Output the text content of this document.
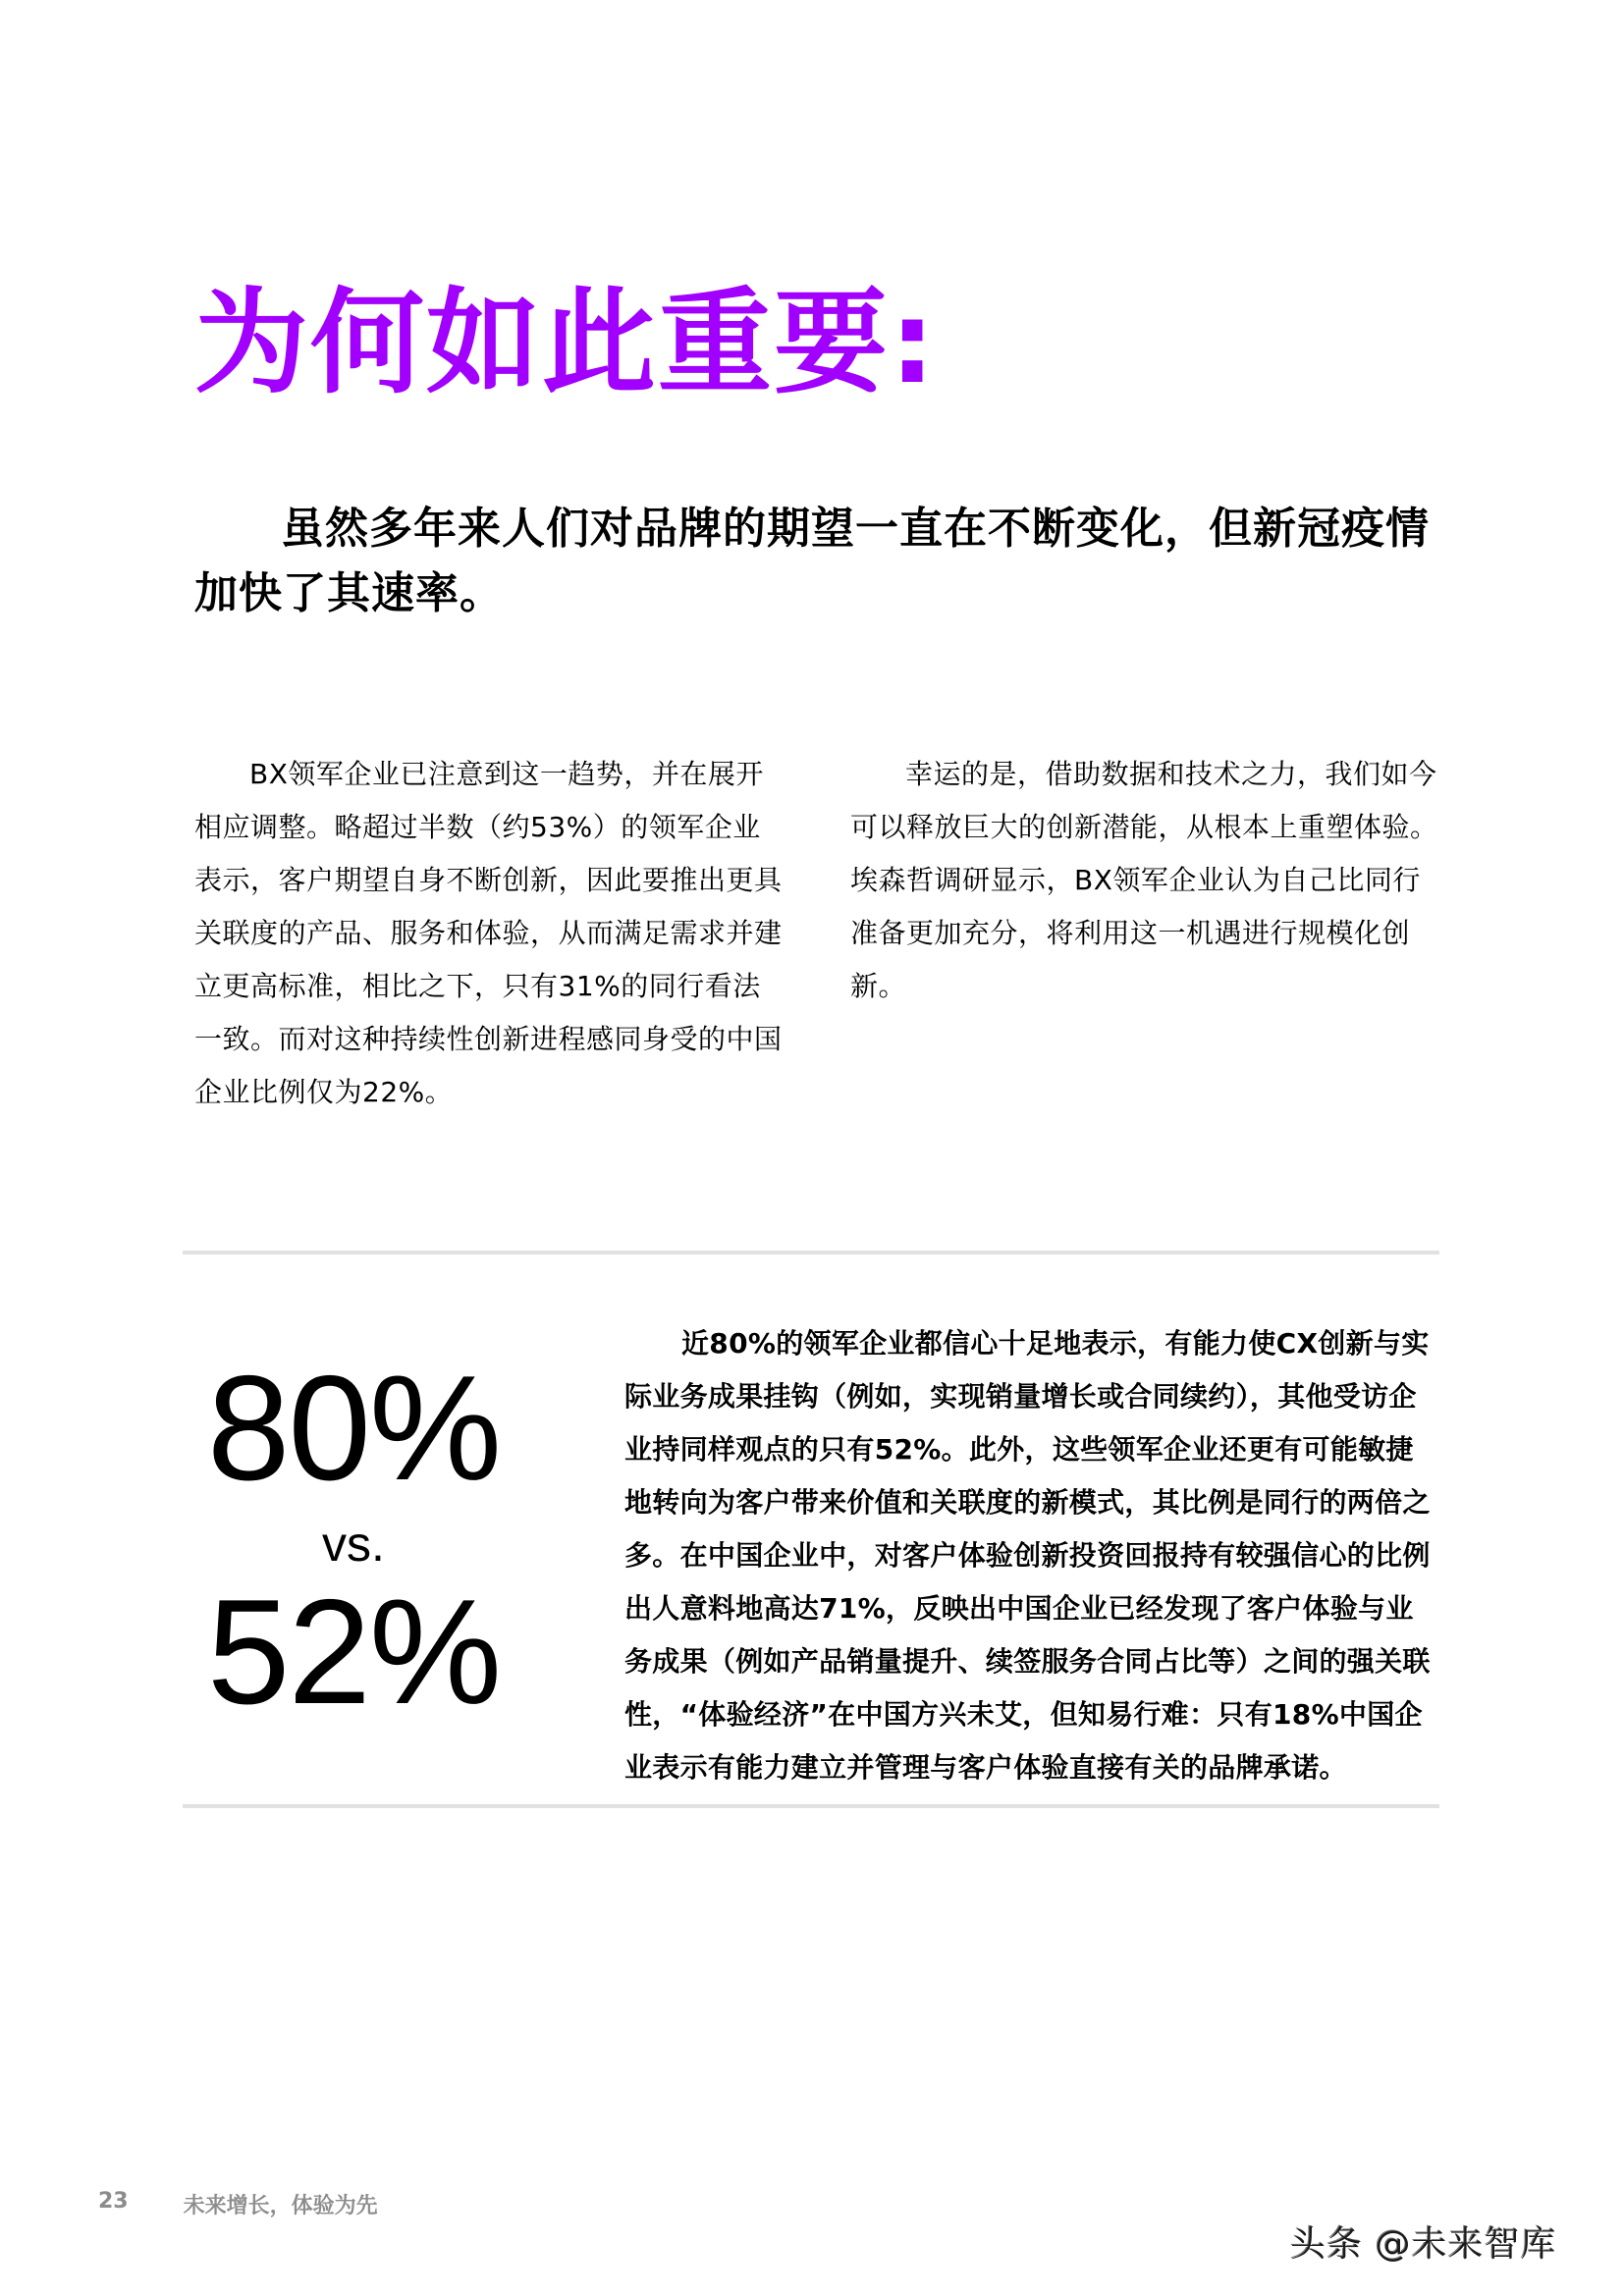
为何如此重要:

虽然多年来人们对品牌的期望一直在不断变化，但新冠疫情加快了其速率。

BX领军企业已注意到这一趋势，并在展开相应调整。略超过半数（约53%）的领军企业表示，客户期望自身不断创新，因此要推出更具关联度的产品、服务和体验，从而满足需求并建立更高标准，相比之下，只有31%的同行看法一致。而对这种持续性创新进程感同身受的中国企业比例仅为22%。

幸运的是，借助数据和技术之力，我们如今可以释放巨大的创新潜能，从根本上重塑体验。埃森哲调研显示，BX领军企业认为自己比同行准备更加充分，将利用这一机遇进行规模化创新。

80%
vs.
52%

近80%的领军企业都信心十足地表示，有能力使CX创新与实际业务成果挂钩（例如，实现销量增长或合同续约），其他受访企业持同样观点的只有52%。此外，这些领军企业还更有可能敏捷地转向为客户带来价值和关联度的新模式，其比例是同行的两倍之多。在中国企业中，对客户体验创新投资回报持有较强信心的比例出人意料地高达71%，反映出中国企业已经发现了客户体验与业务成果（例如产品销量提升、续签服务合同占比等）之间的强关联性，“体验经济”在中国方兴未艾，但知易行难：只有18%中国企业表示有能力建立并管理与客户体验直接有关的品牌承诺。

23	未来增长，体验为先
头条 @未来智库
